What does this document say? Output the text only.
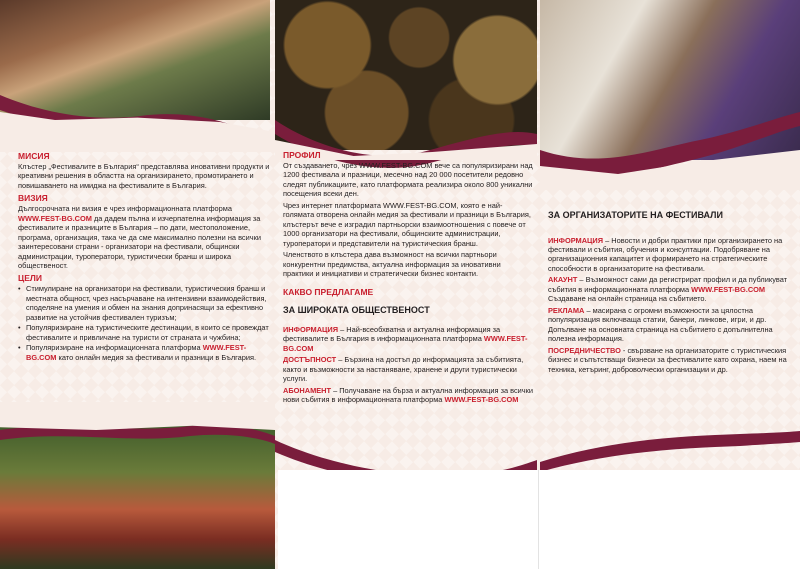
МИСИЯ
Клъстер „Фестивалите в България“ представлява иновативни продукти и креативни решения в областта на организирането, промотирането и повишаването на имиджа на фестивалите в България.
ВИЗИЯ
Дългосрочната ни визия е чрез информационната платформа WWW.FEST-BG.COM да дадем пълна и изчерпателна информация за фестивалите и празниците в България – по дати, местоположение, програма, организация, така че да сме максимално полезни на всички заинтересовани страни - организатори на фестивали, общински администрации, туроператори, туристически бранш и широка общественост.
ЦЕЛИ
• Стимулиране на организатори на фестивали, туристическия бранш и местната общност, чрез насърчаване на интензивни взаимодействия, споделяне на умения и обмен на знания допринасящи за ефективно развитие на устойчив фестивален туризъм;
• Популяризиране на туристическите дестинации, в които се провеждат фестивалите и привличане на туристи от страната и чужбина;
• Популяризиране на информационната платформа WWW.FEST-BG.COM като онлайн медия за фестивали и празници в България.
ПРОФИЛ
От създаването, чрез WWW.FEST-BG.COM вече са популяризирани над 1200 фестивала и празници, месечно над 20 000 посетители редовно следят публикациите, като платформата реализира около 800 уникални посещения всеки ден.
Чрез интернет платформата WWW.FEST-BG.COM, която е най-голямата отворена онлайн медия за фестивали и празници в България, клъстерът вече е изградил партньорски взаимоотношения с повече от 1000 организатори на фестивали, общинските администрации, туроператори и представители на туристическия бранш.
Членството в клъстера дава възможност на всички партньори конкурентни предимства, актуална информация за иновативни практики и инициативи и стратегически бизнес контакти.
КАКВО ПРЕДЛАГАМЕ
ЗА ШИРОКАТА ОБЩЕСТВЕНОСТ
ИНФОРМАЦИЯ – Най-всеобхватна и актуална информация за фестивалите в България в информационната платформа WWW.FEST-BG.COM
ДОСТЪПНОСТ – Бързина на достъп до информацията за събитията, както и възможности за настаняване, хранене и други туристически услуги.
АБОНАМЕНТ – Получаване на бърза и актуална информация за всички нови събития в информационната платформа WWW.FEST-BG.COM
ЗА ОРГАНИЗАТОРИТЕ НА ФЕСТИВАЛИ
ИНФОРМАЦИЯ – Новости и добри практики при организирането на фестивали и събития, обучения и консултации. Подобряване на организационния капацитет и формирането на стратегическите способности в организаторите на фестивали.
АКАУНТ – Възможност сами да регистрират профил и да публикуват събития в информационната платформа WWW.FEST-BG.COM
Създаване на онлайн страница на събитието.
РЕКЛАМА – масирана с огромни възможности за цялостна популяризация включваща статии, банери, линкове, игри, и др. Допълване на основната страница на събитието с допълнителна полезна информация.
ПОСРЕДНИЧЕСТВО - свързване на организаторите с туристическия бизнес и съпътстващи бизнеси за фестивалите като охрана, наем на техника, кетъринг, доброволчески организации и др.
